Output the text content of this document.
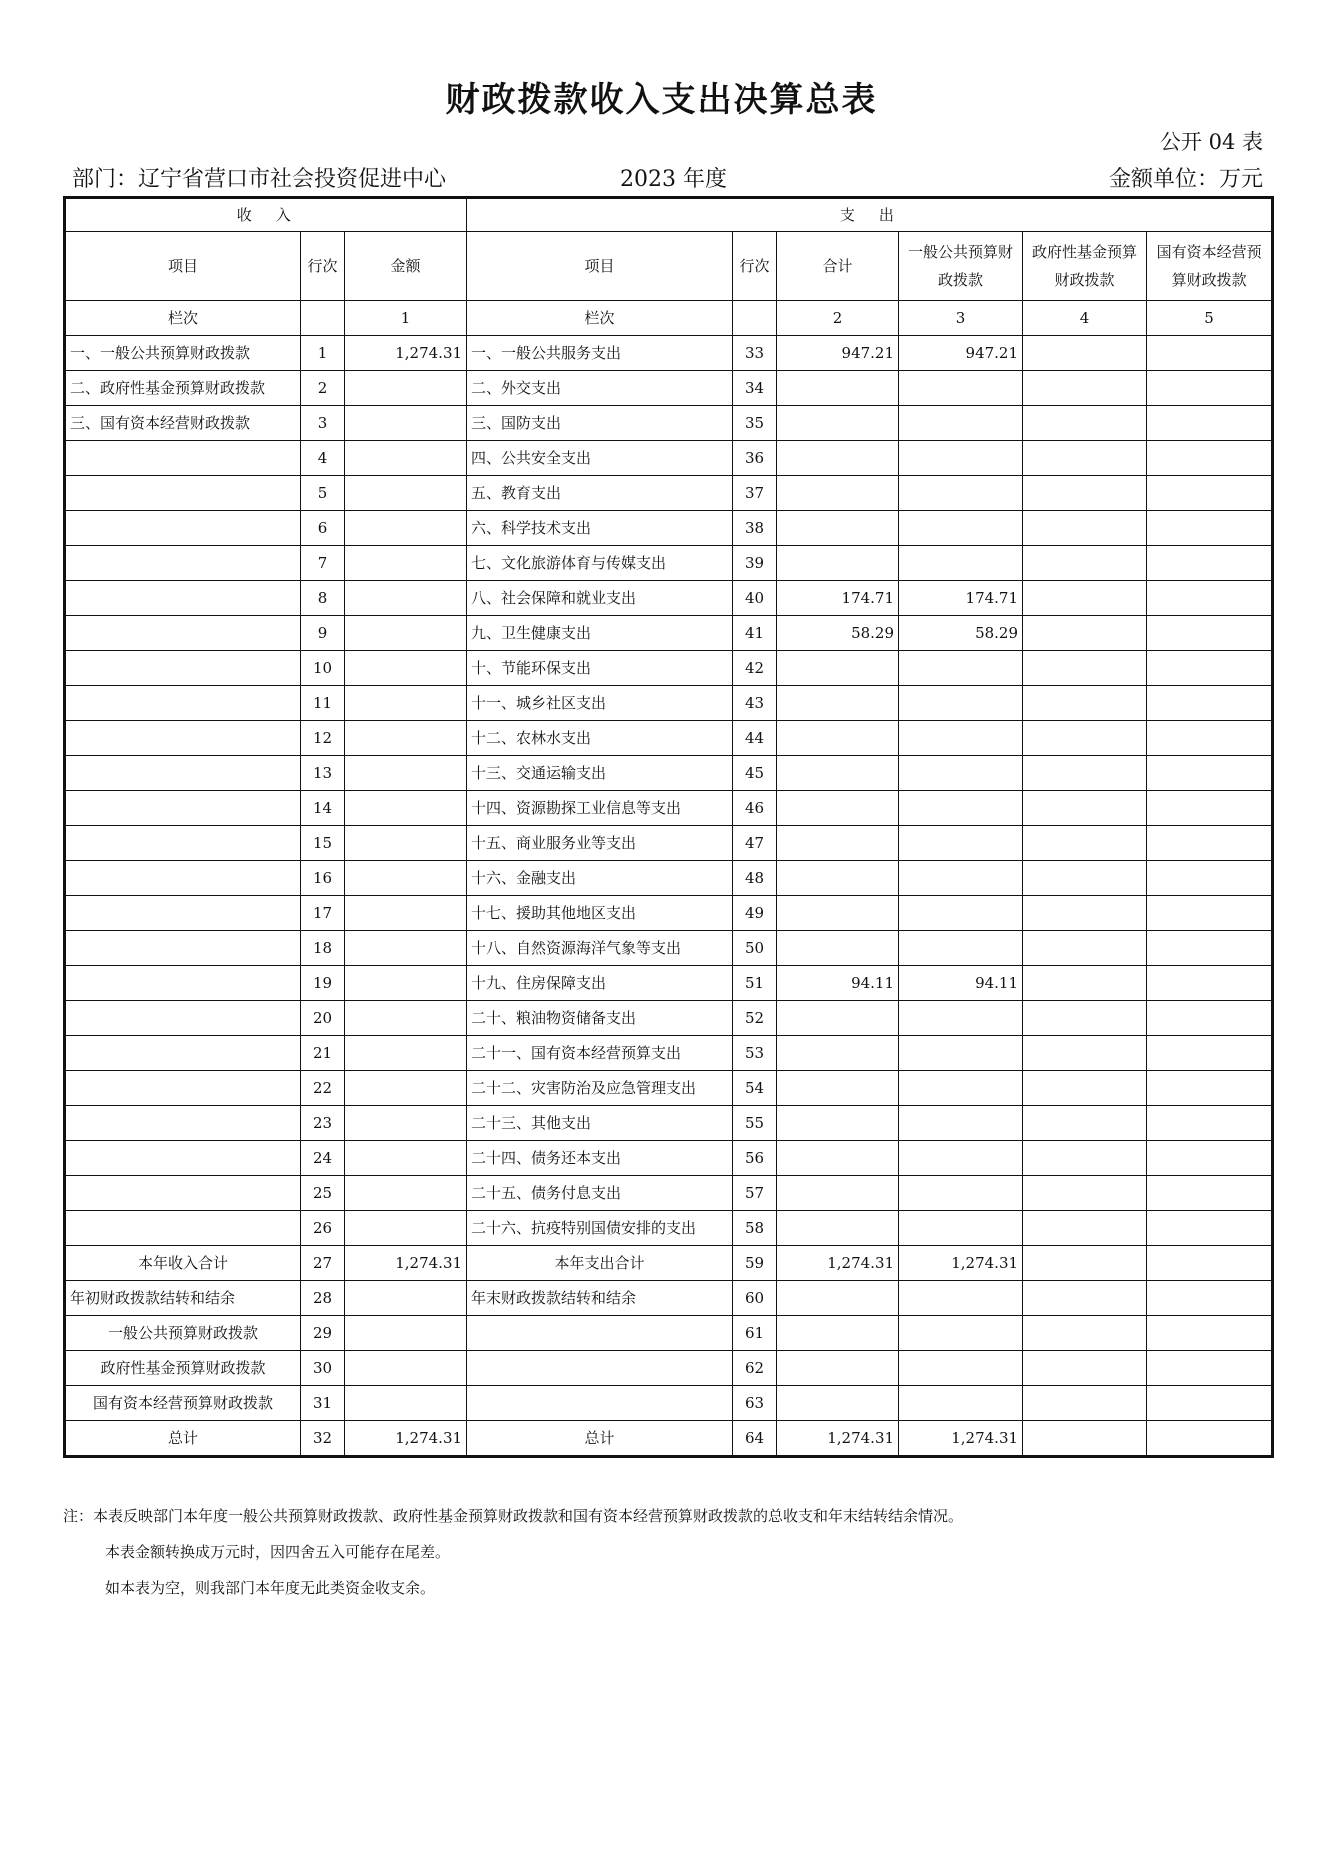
财政拨款收入支出决算总表
公开 04 表
部门：辽宁省营口市社会投资促进中心	2023 年度	金额单位：万元
收　入			支　出					
项目	行次	金额	项目	行次	合计	一般公共预算财政拨款	政府性基金预算财政拨款	国有资本经营预算财政拨款
栏次		1	栏次		2	3	4	5
一、一般公共预算财政拨款	1	1,274.31	一、一般公共服务支出	33	947.21	947.21		
二、政府性基金预算财政拨款	2		二、外交支出	34				
三、国有资本经营财政拨款	3		三、国防支出	35				
	4		四、公共安全支出	36				
	5		五、教育支出	37				
	6		六、科学技术支出	38				
	7		七、文化旅游体育与传媒支出	39				
	8		八、社会保障和就业支出	40	174.71	174.71		
	9		九、卫生健康支出	41	58.29	58.29		
	10		十、节能环保支出	42				
	11		十一、城乡社区支出	43				
	12		十二、农林水支出	44				
	13		十三、交通运输支出	45				
	14		十四、资源勘探工业信息等支出	46				
	15		十五、商业服务业等支出	47				
	16		十六、金融支出	48				
	17		十七、援助其他地区支出	49				
	18		十八、自然资源海洋气象等支出	50				
	19		十九、住房保障支出	51	94.11	94.11		
	20		二十、粮油物资储备支出	52				
	21		二十一、国有资本经营预算支出	53				
	22		二十二、灾害防治及应急管理支出	54				
	23		二十三、其他支出	55				
	24		二十四、债务还本支出	56				
	25		二十五、债务付息支出	57				
	26		二十六、抗疫特别国债安排的支出	58				
本年收入合计	27	1,274.31	本年支出合计	59	1,274.31	1,274.31		
年初财政拨款结转和结余	28		年末财政拨款结转和结余	60				
一般公共预算财政拨款	29			61				
政府性基金预算财政拨款	30			62				
国有资本经营预算财政拨款	31			63				
总计	32	1,274.31	总计	64	1,274.31	1,274.31		
注：本表反映部门本年度一般公共预算财政拨款、政府性基金预算财政拨款和国有资本经营预算财政拨款的总收支和年末结转结余情况。
本表金额转换成万元时，因四舍五入可能存在尾差。
如本表为空，则我部门本年度无此类资金收支余。
